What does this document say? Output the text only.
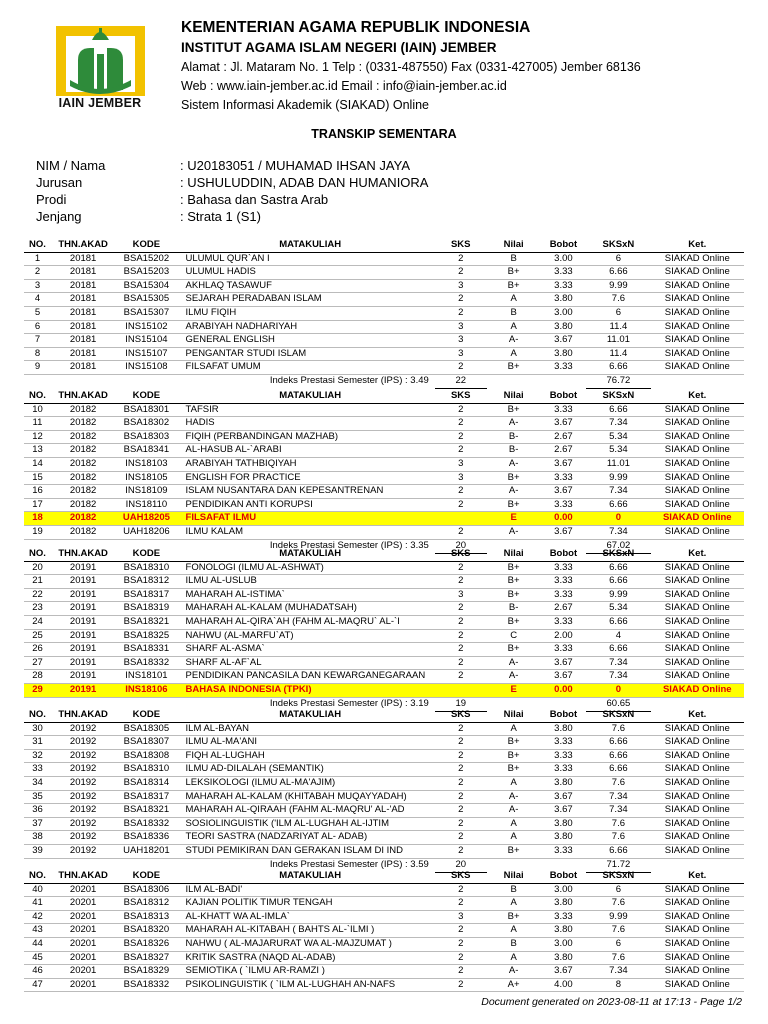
IAIN JEMBER
KEMENTERIAN AGAMA REPUBLIK INDONESIA
INSTITUT AGAMA ISLAM NEGERI (IAIN) JEMBER
Alamat : Jl. Mataram No. 1 Telp : (0331-487550) Fax (0331-427005) Jember 68136
Web : www.iain-jember.ac.id Email : info@iain-jember.ac.id
Sistem Informasi Akademik (SIAKAD) Online
TRANSKIP SEMENTARA
NIM / Nama	: U20183051 / MUHAMAD IHSAN JAYA
Jurusan	: USHULUDDIN, ADAB DAN HUMANIORA
Prodi	: Bahasa dan Sastra Arab
Jenjang	: Strata 1 (S1)
NO.	THN.AKAD	KODE	MATAKULIAH	SKS	Nilai	Bobot	SKSxN	Ket.
1	20181	BSA15202	ULUMUL QUR`AN I	2	B	3.00	6	SIAKAD Online
2	20181	BSA15203	ULUMUL HADIS	2	B+	3.33	6.66	SIAKAD Online
3	20181	BSA15304	AKHLAQ TASAWUF	3	B+	3.33	9.99	SIAKAD Online
4	20181	BSA15305	SEJARAH PERADABAN ISLAM	2	A	3.80	7.6	SIAKAD Online
5	20181	BSA15307	ILMU FIQIH	2	B	3.00	6	SIAKAD Online
6	20181	INS15102	ARABIYAH NADHARIYAH	3	A	3.80	11.4	SIAKAD Online
7	20181	INS15104	GENERAL ENGLISH	3	A-	3.67	11.01	SIAKAD Online
8	20181	INS15107	PENGANTAR STUDI ISLAM	3	A	3.80	11.4	SIAKAD Online
9	20181	INS15108	FILSAFAT UMUM	2	B+	3.33	6.66	SIAKAD Online
Indeks Prestasi Semester (IPS) : 3.49				22			76.72	
NO.	THN.AKAD	KODE	MATAKULIAH	SKS	Nilai	Bobot	SKSxN	Ket.
10	20182	BSA18301	TAFSIR	2	B+	3.33	6.66	SIAKAD Online
11	20182	BSA18302	HADIS	2	A-	3.67	7.34	SIAKAD Online
12	20182	BSA18303	FIQIH (PERBANDINGAN MAZHAB)	2	B-	2.67	5.34	SIAKAD Online
13	20182	BSA18341	AL-HASUB AL-`ARABI	2	B-	2.67	5.34	SIAKAD Online
14	20182	INS18103	ARABIYAH TATHBIQIYAH	3	A-	3.67	11.01	SIAKAD Online
15	20182	INS18105	ENGLISH FOR PRACTICE	3	B+	3.33	9.99	SIAKAD Online
16	20182	INS18109	ISLAM NUSANTARA DAN KEPESANTRENAN	2	A-	3.67	7.34	SIAKAD Online
17	20182	INS18110	PENDIDIKAN ANTI KORUPSI	2	B+	3.33	6.66	SIAKAD Online
18	20182	UAH18205	FILSAFAT ILMU		E	0.00	0	SIAKAD Online
19	20182	UAH18206	ILMU KALAM	2	A-	3.67	7.34	SIAKAD Online
Indeks Prestasi Semester (IPS) : 3.35				20			67.02	
NO.	THN.AKAD	KODE	MATAKULIAH	SKS	Nilai	Bobot	SKSxN	Ket.
20	20191	BSA18310	FONOLOGI (ILMU AL-ASHWAT)	2	B+	3.33	6.66	SIAKAD Online
21	20191	BSA18312	ILMU AL-USLUB	2	B+	3.33	6.66	SIAKAD Online
22	20191	BSA18317	MAHARAH AL-ISTIMA`	3	B+	3.33	9.99	SIAKAD Online
23	20191	BSA18319	MAHARAH AL-KALAM (MUHADATSAH)	2	B-	2.67	5.34	SIAKAD Online
24	20191	BSA18321	MAHARAH AL-QIRA`AH (FAHM AL-MAQRU` AL-`I	2	B+	3.33	6.66	SIAKAD Online
25	20191	BSA18325	NAHWU (AL-MARFU`AT)	2	C	2.00	4	SIAKAD Online
26	20191	BSA18331	SHARF AL-ASMA`	2	B+	3.33	6.66	SIAKAD Online
27	20191	BSA18332	SHARF AL-AF`AL	2	A-	3.67	7.34	SIAKAD Online
28	20191	INS18101	PENDIDIKAN PANCASILA DAN KEWARGANEGARAAN	2	A-	3.67	7.34	SIAKAD Online
29	20191	INS18106	BAHASA INDONESIA (TPKI)		E	0.00	0	SIAKAD Online
Indeks Prestasi Semester (IPS) : 3.19				19			60.65	
NO.	THN.AKAD	KODE	MATAKULIAH	SKS	Nilai	Bobot	SKSxN	Ket.
30	20192	BSA18305	ILM AL-BAYAN	2	A	3.80	7.6	SIAKAD Online
31	20192	BSA18307	ILMU AL-MA'ANI	2	B+	3.33	6.66	SIAKAD Online
32	20192	BSA18308	FIQH AL-LUGHAH	2	B+	3.33	6.66	SIAKAD Online
33	20192	BSA18310	ILMU AD-DILALAH (SEMANTIK)	2	B+	3.33	6.66	SIAKAD Online
34	20192	BSA18314	LEKSIKOLOGI (ILMU AL-MA'AJIM)	2	A	3.80	7.6	SIAKAD Online
35	20192	BSA18317	MAHARAH AL-KALAM (KHITABAH MUQAYYADAH)	2	A-	3.67	7.34	SIAKAD Online
36	20192	BSA18321	MAHARAH AL-QIRAAH (FAHM AL-MAQRU' AL-'AD	2	A-	3.67	7.34	SIAKAD Online
37	20192	BSA18332	SOSIOLINGUISTIK ('ILM AL-LUGHAH AL-IJTIM	2	A	3.80	7.6	SIAKAD Online
38	20192	BSA18336	TEORI SASTRA (NADZARIYAT AL- ADAB)	2	A	3.80	7.6	SIAKAD Online
39	20192	UAH18201	STUDI PEMIKIRAN DAN GERAKAN ISLAM DI IND	2	B+	3.33	6.66	SIAKAD Online
Indeks Prestasi Semester (IPS) : 3.59				20			71.72	
NO.	THN.AKAD	KODE	MATAKULIAH	SKS	Nilai	Bobot	SKSxN	Ket.
40	20201	BSA18306	ILM AL-BADI'	2	B	3.00	6	SIAKAD Online
41	20201	BSA18312	KAJIAN POLITIK TIMUR TENGAH	2	A	3.80	7.6	SIAKAD Online
42	20201	BSA18313	AL-KHATT WA AL-IMLA`	3	B+	3.33	9.99	SIAKAD Online
43	20201	BSA18320	MAHARAH AL-KITABAH ( BAHTS AL-`ILMI )	2	A	3.80	7.6	SIAKAD Online
44	20201	BSA18326	NAHWU ( AL-MAJARURAT WA AL-MAJZUMAT )	2	B	3.00	6	SIAKAD Online
45	20201	BSA18327	KRITIK SASTRA (NAQD AL-ADAB)	2	A	3.80	7.6	SIAKAD Online
46	20201	BSA18329	SEMIOTIKA ( `ILMU AR-RAMZI )	2	A-	3.67	7.34	SIAKAD Online
47	20201	BSA18332	PSIKOLINGUISTIK ( `ILM AL-LUGHAH AN-NAFS	2	A+	4.00	8	SIAKAD Online
Document generated on 2023-08-11 at 17:13 - Page 1/2
